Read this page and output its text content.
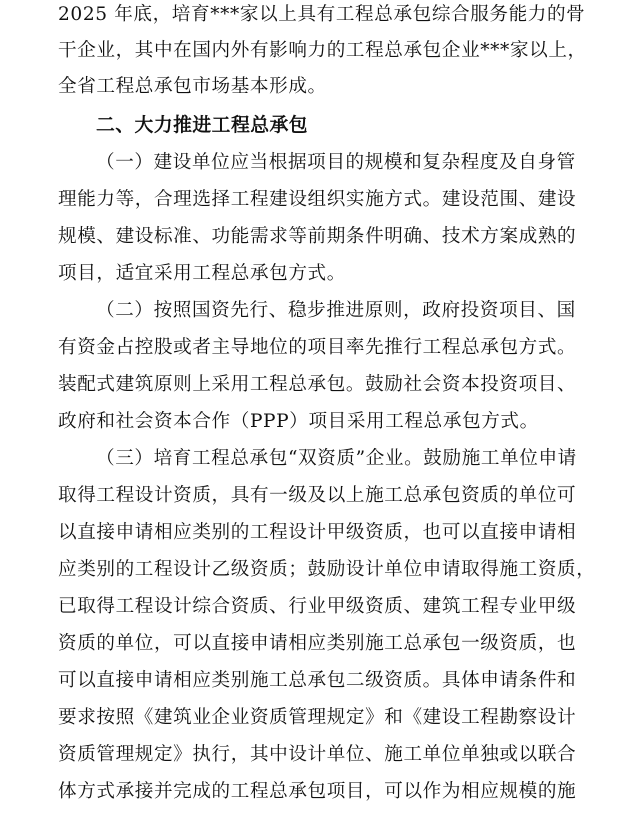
2025 年底，培育***家以上具有工程总承包综合服务能力的骨
干企业，其中在国内外有影响力的工程总承包企业***家以上，
全省工程总承包市场基本形成。
二、大力推进工程总承包
（一）建设单位应当根据项目的规模和复杂程度及自身管
理能力等，合理选择工程建设组织实施方式。建设范围、建设
规模、建设标准、功能需求等前期条件明确、技术方案成熟的
项目，适宜采用工程总承包方式。
（二）按照国资先行、稳步推进原则，政府投资项目、国
有资金占控股或者主导地位的项目率先推行工程总承包方式。
装配式建筑原则上采用工程总承包。鼓励社会资本投资项目、
政府和社会资本合作（PPP）项目采用工程总承包方式。
（三）培育工程总承包“双资质”企业。鼓励施工单位申请
取得工程设计资质，具有一级及以上施工总承包资质的单位可
以直接申请相应类别的工程设计甲级资质，也可以直接申请相
应类别的工程设计乙级资质；鼓励设计单位申请取得施工资质，
已取得工程设计综合资质、行业甲级资质、建筑工程专业甲级
资质的单位，可以直接申请相应类别施工总承包一级资质，也
可以直接申请相应类别施工总承包二级资质。具体申请条件和
要求按照《建筑业企业资质管理规定》和《建设工程勘察设计
资质管理规定》执行，其中设计单位、施工单位单独或以联合
体方式承接并完成的工程总承包项目，可以作为相应规模的施
